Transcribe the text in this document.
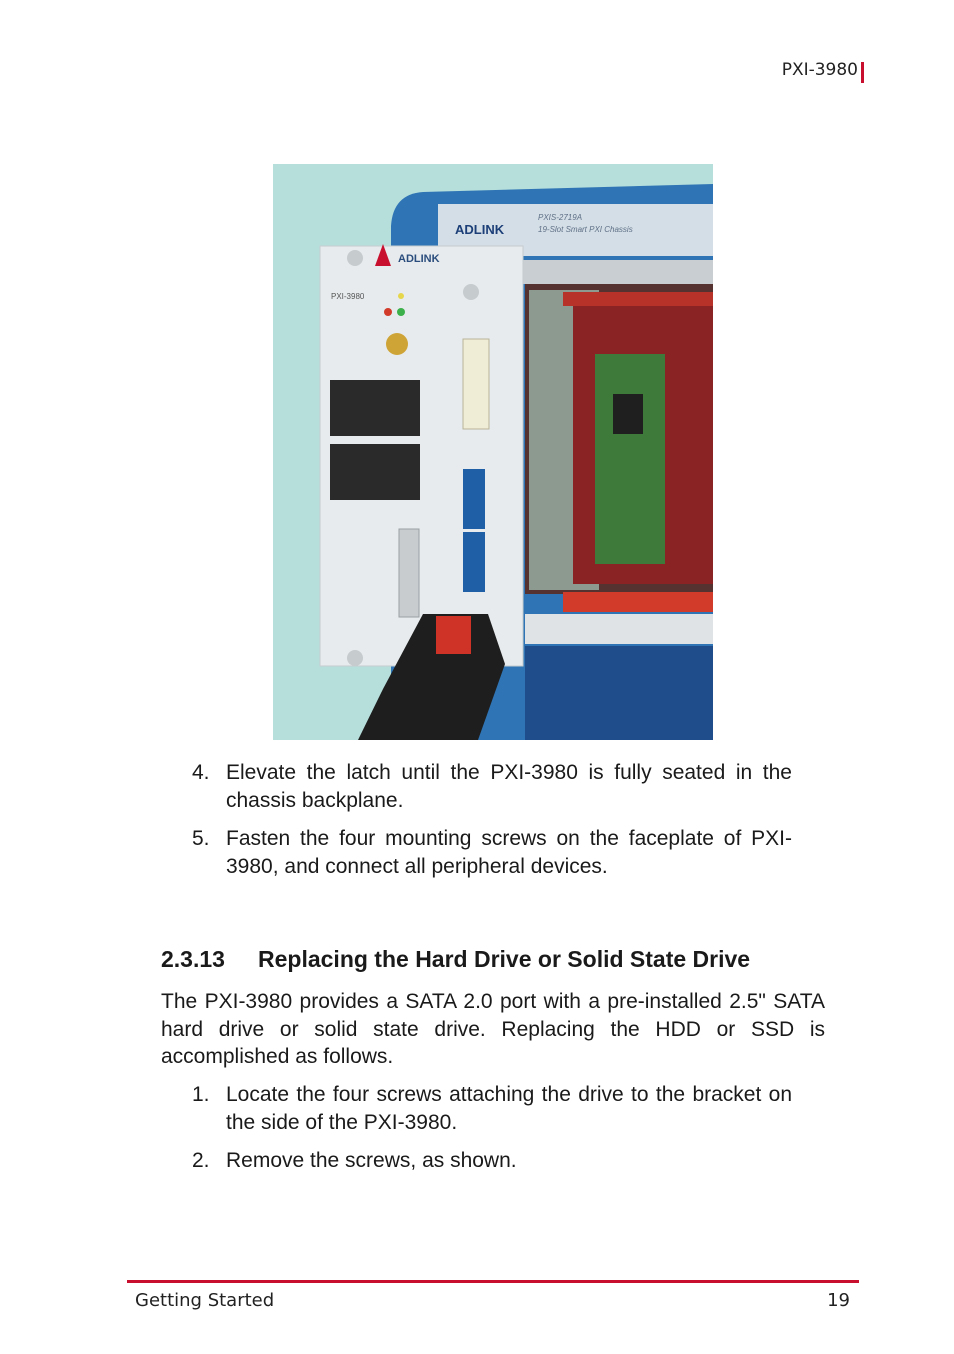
PXI-3980
ADLINK
PXIS-2719A
19-Slot Smart PXI Chassis
ADLINK
PXI-3980
4. Elevate the latch until the PXI-3980 is fully seated in the chassis backplane.
5. Fasten the four mounting screws on the faceplate of PXI-3980, and connect all peripheral devices.
2.3.13 Replacing the Hard Drive or Solid State Drive

The PXI-3980 provides a SATA 2.0 port with a pre-installed 2.5" SATA hard drive or solid state drive. Replacing the HDD or SSD is accomplished as follows.

1. Locate the four screws attaching the drive to the bracket on the side of the PXI-3980.
2. Remove the screws, as shown.
Getting Started	19
